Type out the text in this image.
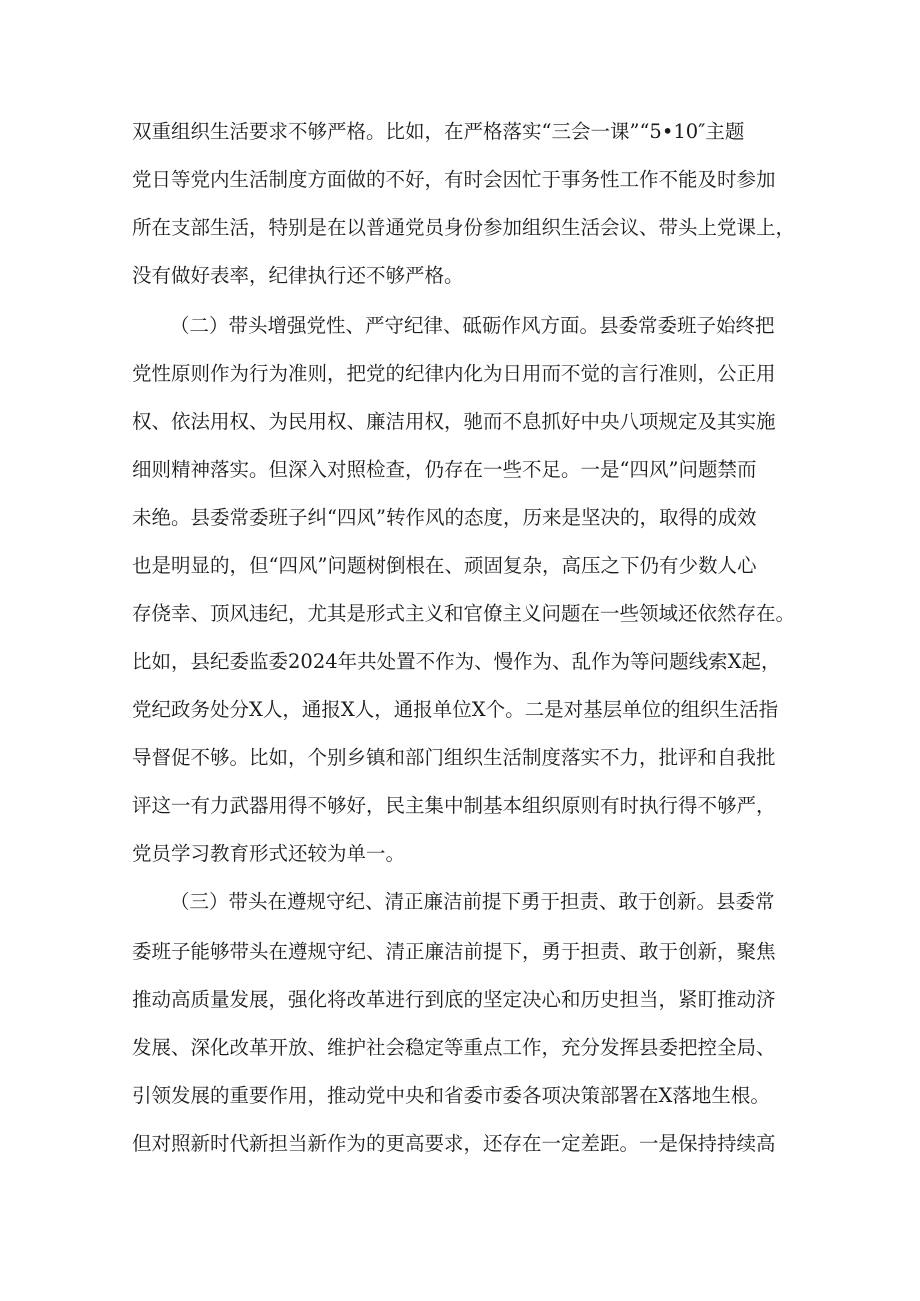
双重组织生活要求不够严格。比如，在严格落实“三会一课”“5•10″主题

党日等党内生活制度方面做的不好，有时会因忙于事务性工作不能及时参加

所在支部生活，特别是在以普通党员身份参加组织生活会议、带头上党课上，

没有做好表率，纪律执行还不够严格。

（二）带头增强党性、严守纪律、砥砺作风方面。县委常委班子始终把

党性原则作为行为准则，把党的纪律内化为日用而不觉的言行准则，公正用

权、依法用权、为民用权、廉洁用权，驰而不息抓好中央八项规定及其实施

细则精神落实。但深入对照检查，仍存在一些不足。一是“四风”问题禁而

未绝。县委常委班子纠“四风”转作风的态度，历来是坚决的，取得的成效

也是明显的，但“四风”问题树倒根在、顽固复杂，高压之下仍有少数人心

存侥幸、顶风违纪，尤其是形式主义和官僚主义问题在一些领域还依然存在。

比如，县纪委监委2024年共处置不作为、慢作为、乱作为等问题线索X起，

党纪政务处分X人，通报X人，通报单位X个。二是对基层单位的组织生活指

导督促不够。比如，个别乡镇和部门组织生活制度落实不力，批评和自我批

评这一有力武器用得不够好，民主集中制基本组织原则有时执行得不够严，

党员学习教育形式还较为单一。

（三）带头在遵规守纪、清正廉洁前提下勇于担责、敢于创新。县委常

委班子能够带头在遵规守纪、清正廉洁前提下，勇于担责、敢于创新，聚焦

推动高质量发展，强化将改革进行到底的坚定决心和历史担当，紧盯推动济

发展、深化改革开放、维护社会稳定等重点工作，充分发挥县委把控全局、

引领发展的重要作用，推动党中央和省委市委各项决策部署在X落地生根。

但对照新时代新担当新作为的更高要求，还存在一定差距。一是保持持续高
